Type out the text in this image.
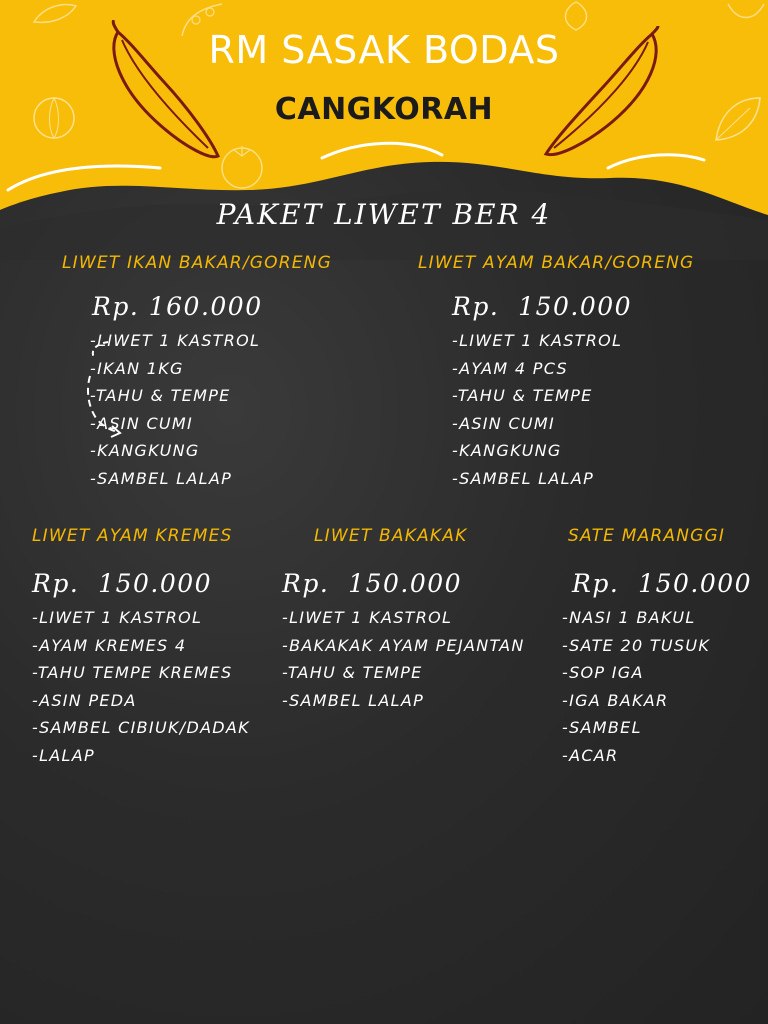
RM SASAK BODAS
CANGKORAH
PAKET LIWET BER 4
LIWET IKAN BAKAR/GORENG
Rp. 160.000
-LIWET 1 KASTROL
-IKAN 1KG
-TAHU & TEMPE
-ASIN CUMI
-KANGKUNG
-SAMBEL LALAP
LIWET AYAM BAKAR/GORENG
Rp.  150.000
-LIWET 1 KASTROL
-AYAM 4 PCS
-TAHU & TEMPE
-ASIN CUMI
-KANGKUNG
-SAMBEL LALAP
LIWET AYAM KREMES
Rp.  150.000
-LIWET 1 KASTROL
-AYAM KREMES 4
-TAHU TEMPE KREMES
-ASIN PEDA
-SAMBEL CIBIUK/DADAK
-LALAP
LIWET BAKAKAK
Rp.  150.000
-LIWET 1 KASTROL
-BAKAKAK AYAM PEJANTAN
-TAHU & TEMPE
-SAMBEL LALAP
SATE MARANGGI
Rp.  150.000
-NASI 1 BAKUL
-SATE 20 TUSUK
-SOP IGA
-IGA BAKAR
-SAMBEL
-ACAR
